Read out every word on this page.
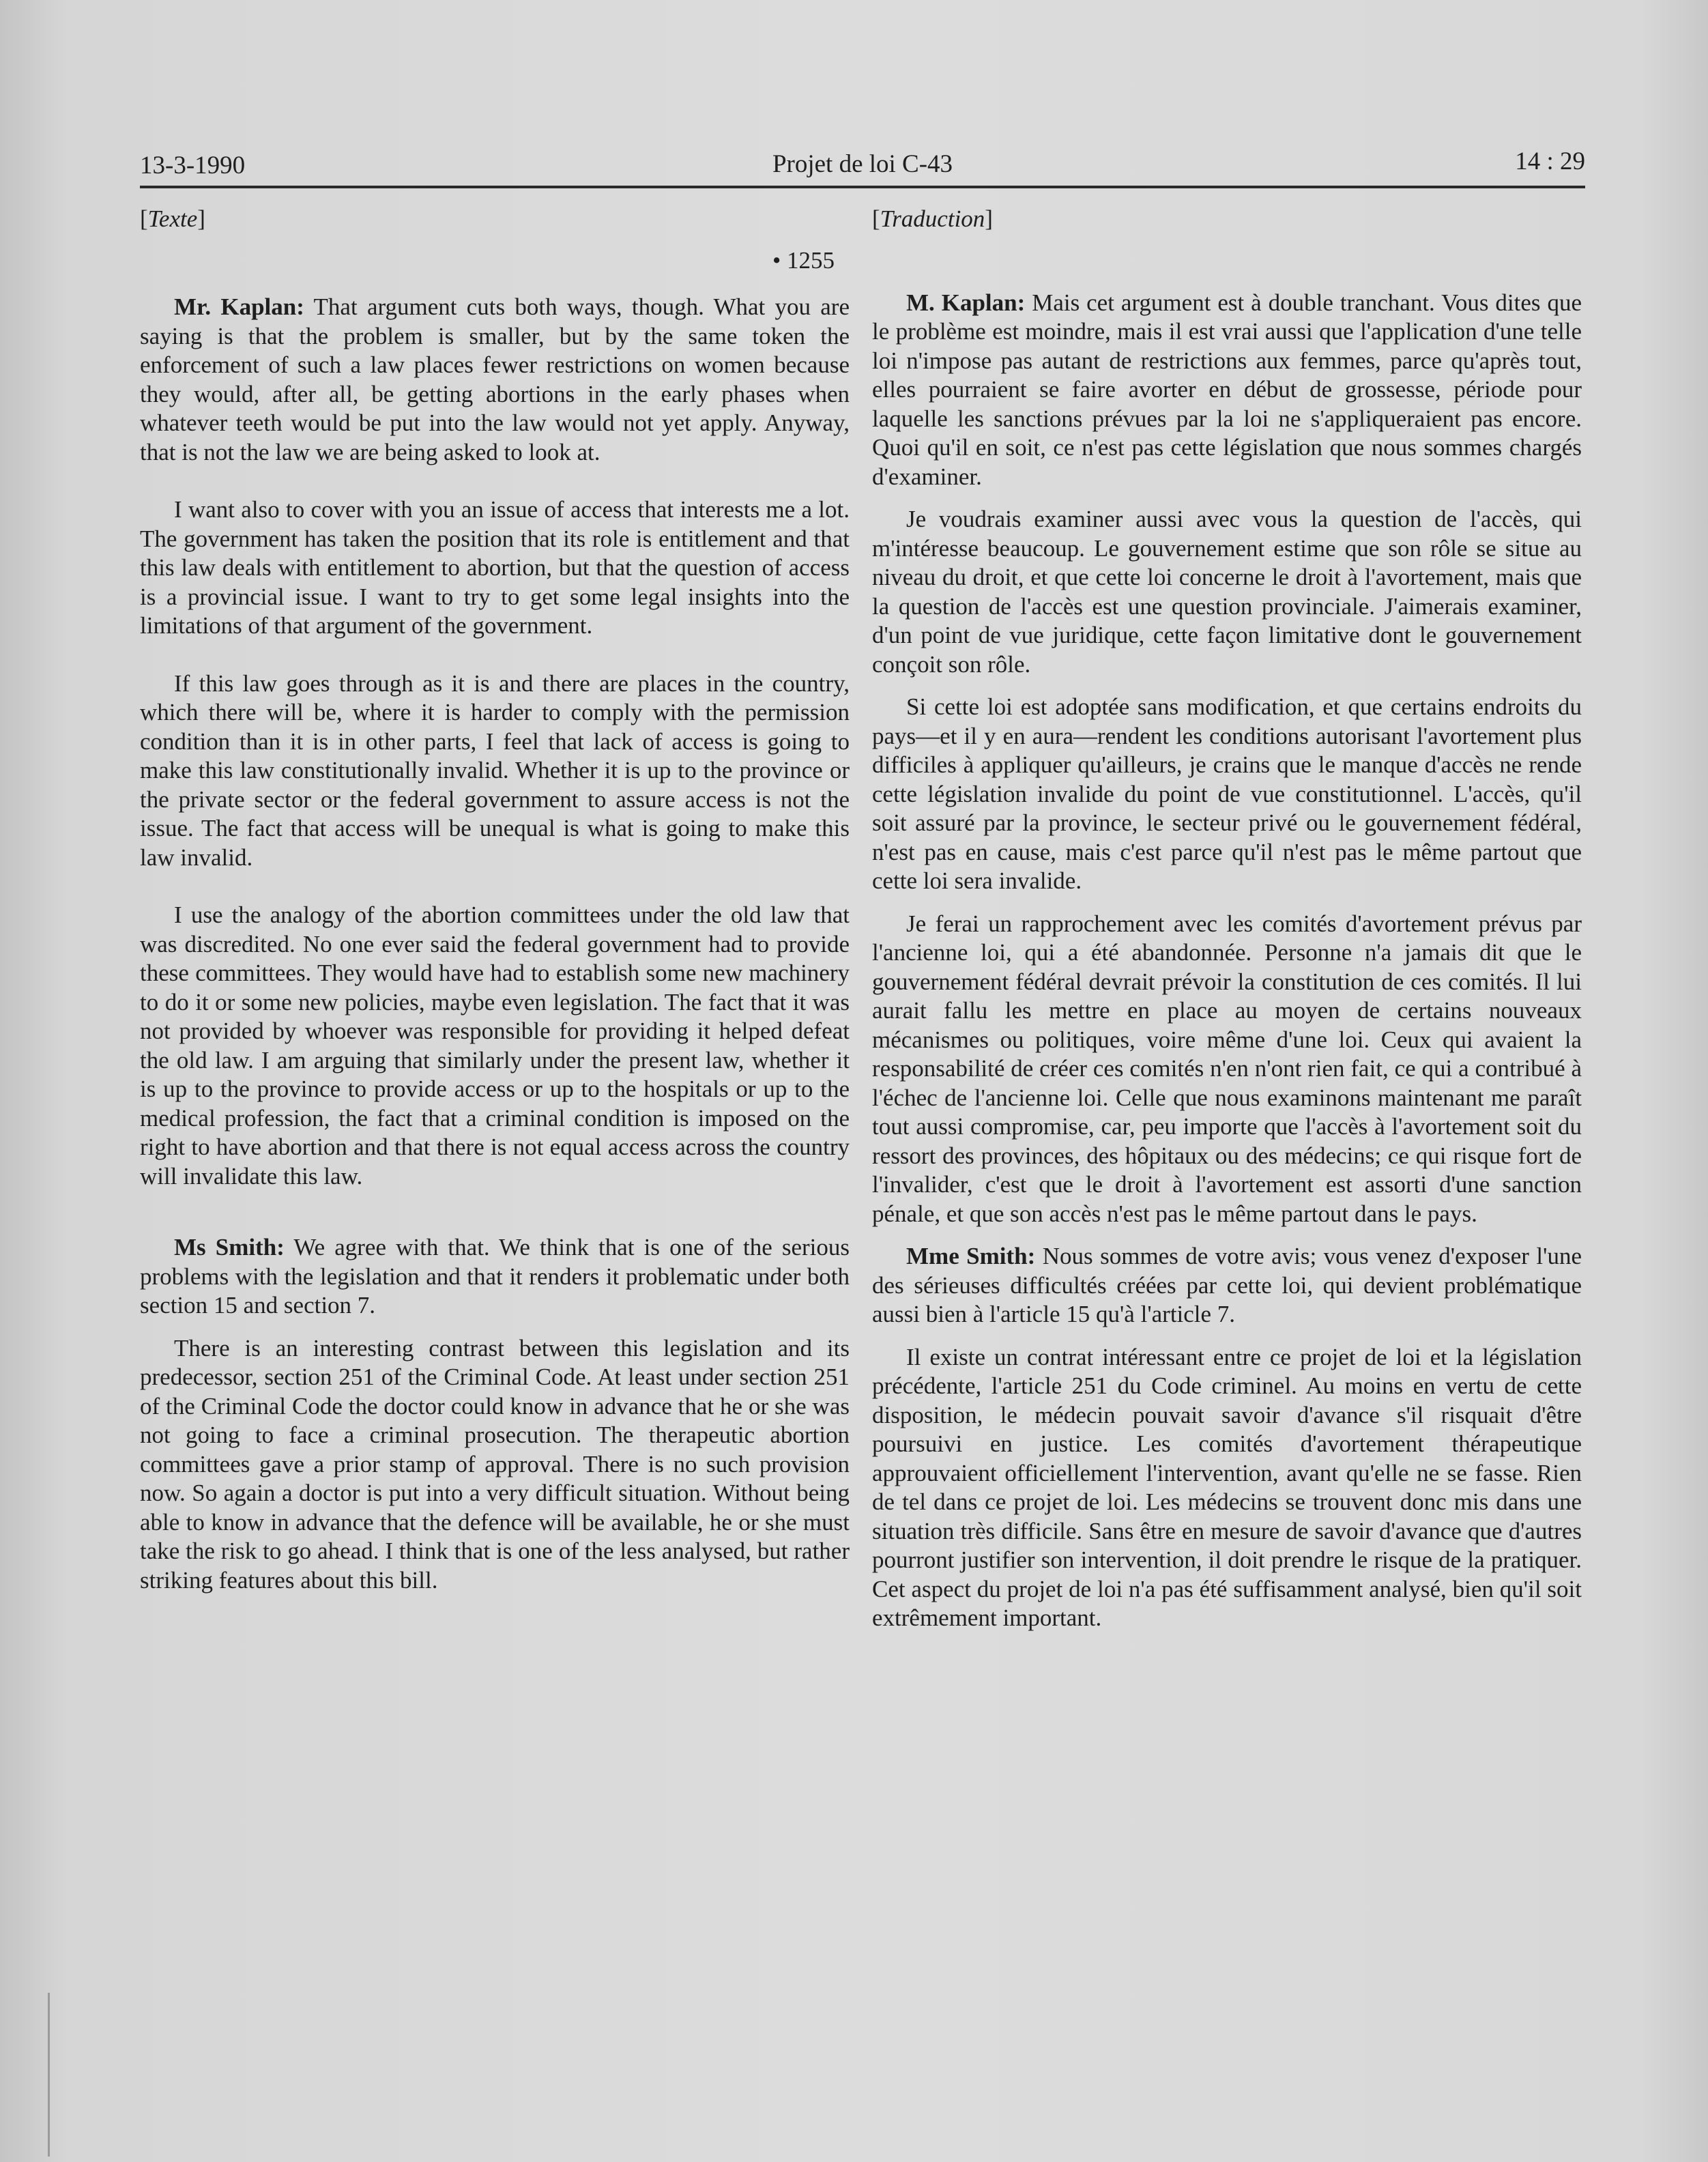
13-3-1990	Projet de loi C-43	14 : 29

[Texte]

• 1255

Mr. Kaplan: That argument cuts both ways, though. What you are saying is that the problem is smaller, but by the same token the enforcement of such a law places fewer restrictions on women because they would, after all, be getting abortions in the early phases when whatever teeth would be put into the law would not yet apply. Anyway, that is not the law we are being asked to look at.

I want also to cover with you an issue of access that interests me a lot. The government has taken the position that its role is entitlement and that this law deals with entitlement to abortion, but that the question of access is a provincial issue. I want to try to get some legal insights into the limitations of that argument of the government.

If this law goes through as it is and there are places in the country, which there will be, where it is harder to comply with the permission condition than it is in other parts, I feel that lack of access is going to make this law constitutionally invalid. Whether it is up to the province or the private sector or the federal government to assure access is not the issue. The fact that access will be unequal is what is going to make this law invalid.

I use the analogy of the abortion committees under the old law that was discredited. No one ever said the federal government had to provide these committees. They would have had to establish some new machinery to do it or some new policies, maybe even legislation. The fact that it was not provided by whoever was responsible for providing it helped defeat the old law. I am arguing that similarly under the present law, whether it is up to the province to provide access or up to the hospitals or up to the medical profession, the fact that a criminal condition is imposed on the right to have abortion and that there is not equal access across the country will invalidate this law.

Ms Smith: We agree with that. We think that is one of the serious problems with the legislation and that it renders it problematic under both section 15 and section 7.

There is an interesting contrast between this legislation and its predecessor, section 251 of the Criminal Code. At least under section 251 of the Criminal Code the doctor could know in advance that he or she was not going to face a criminal prosecution. The therapeutic abortion committees gave a prior stamp of approval. There is no such provision now. So again a doctor is put into a very difficult situation. Without being able to know in advance that the defence will be available, he or she must take the risk to go ahead. I think that is one of the less analysed, but rather striking features about this bill.

[Traduction]

M. Kaplan: Mais cet argument est à double tranchant. Vous dites que le problème est moindre, mais il est vrai aussi que l'application d'une telle loi n'impose pas autant de restrictions aux femmes, parce qu'après tout, elles pourraient se faire avorter en début de grossesse, période pour laquelle les sanctions prévues par la loi ne s'appliqueraient pas encore. Quoi qu'il en soit, ce n'est pas cette législation que nous sommes chargés d'examiner.

Je voudrais examiner aussi avec vous la question de l'accès, qui m'intéresse beaucoup. Le gouvernement estime que son rôle se situe au niveau du droit, et que cette loi concerne le droit à l'avortement, mais que la question de l'accès est une question provinciale. J'aimerais examiner, d'un point de vue juridique, cette façon limitative dont le gouvernement conçoit son rôle.

Si cette loi est adoptée sans modification, et que certains endroits du pays—et il y en aura—rendent les conditions autorisant l'avortement plus difficiles à appliquer qu'ailleurs, je crains que le manque d'accès ne rende cette législation invalide du point de vue constitutionnel. L'accès, qu'il soit assuré par la province, le secteur privé ou le gouvernement fédéral, n'est pas en cause, mais c'est parce qu'il n'est pas le même partout que cette loi sera invalide.

Je ferai un rapprochement avec les comités d'avortement prévus par l'ancienne loi, qui a été abandonnée. Personne n'a jamais dit que le gouvernement fédéral devrait prévoir la constitution de ces comités. Il lui aurait fallu les mettre en place au moyen de certains nouveaux mécanismes ou politiques, voire même d'une loi. Ceux qui avaient la responsabilité de créer ces comités n'en n'ont rien fait, ce qui a contribué à l'échec de l'ancienne loi. Celle que nous examinons maintenant me paraît tout aussi compromise, car, peu importe que l'accès à l'avortement soit du ressort des provinces, des hôpitaux ou des médecins; ce qui risque fort de l'invalider, c'est que le droit à l'avortement est assorti d'une sanction pénale, et que son accès n'est pas le même partout dans le pays.

Mme Smith: Nous sommes de votre avis; vous venez d'exposer l'une des sérieuses difficultés créées par cette loi, qui devient problématique aussi bien à l'article 15 qu'à l'article 7.

Il existe un contrat intéressant entre ce projet de loi et la législation précédente, l'article 251 du Code criminel. Au moins en vertu de cette disposition, le médecin pouvait savoir d'avance s'il risquait d'être poursuivi en justice. Les comités d'avortement thérapeutique approuvaient officiellement l'intervention, avant qu'elle ne se fasse. Rien de tel dans ce projet de loi. Les médecins se trouvent donc mis dans une situation très difficile. Sans être en mesure de savoir d'avance que d'autres pourront justifier son intervention, il doit prendre le risque de la pratiquer. Cet aspect du projet de loi n'a pas été suffisamment analysé, bien qu'il soit extrêmement important.
